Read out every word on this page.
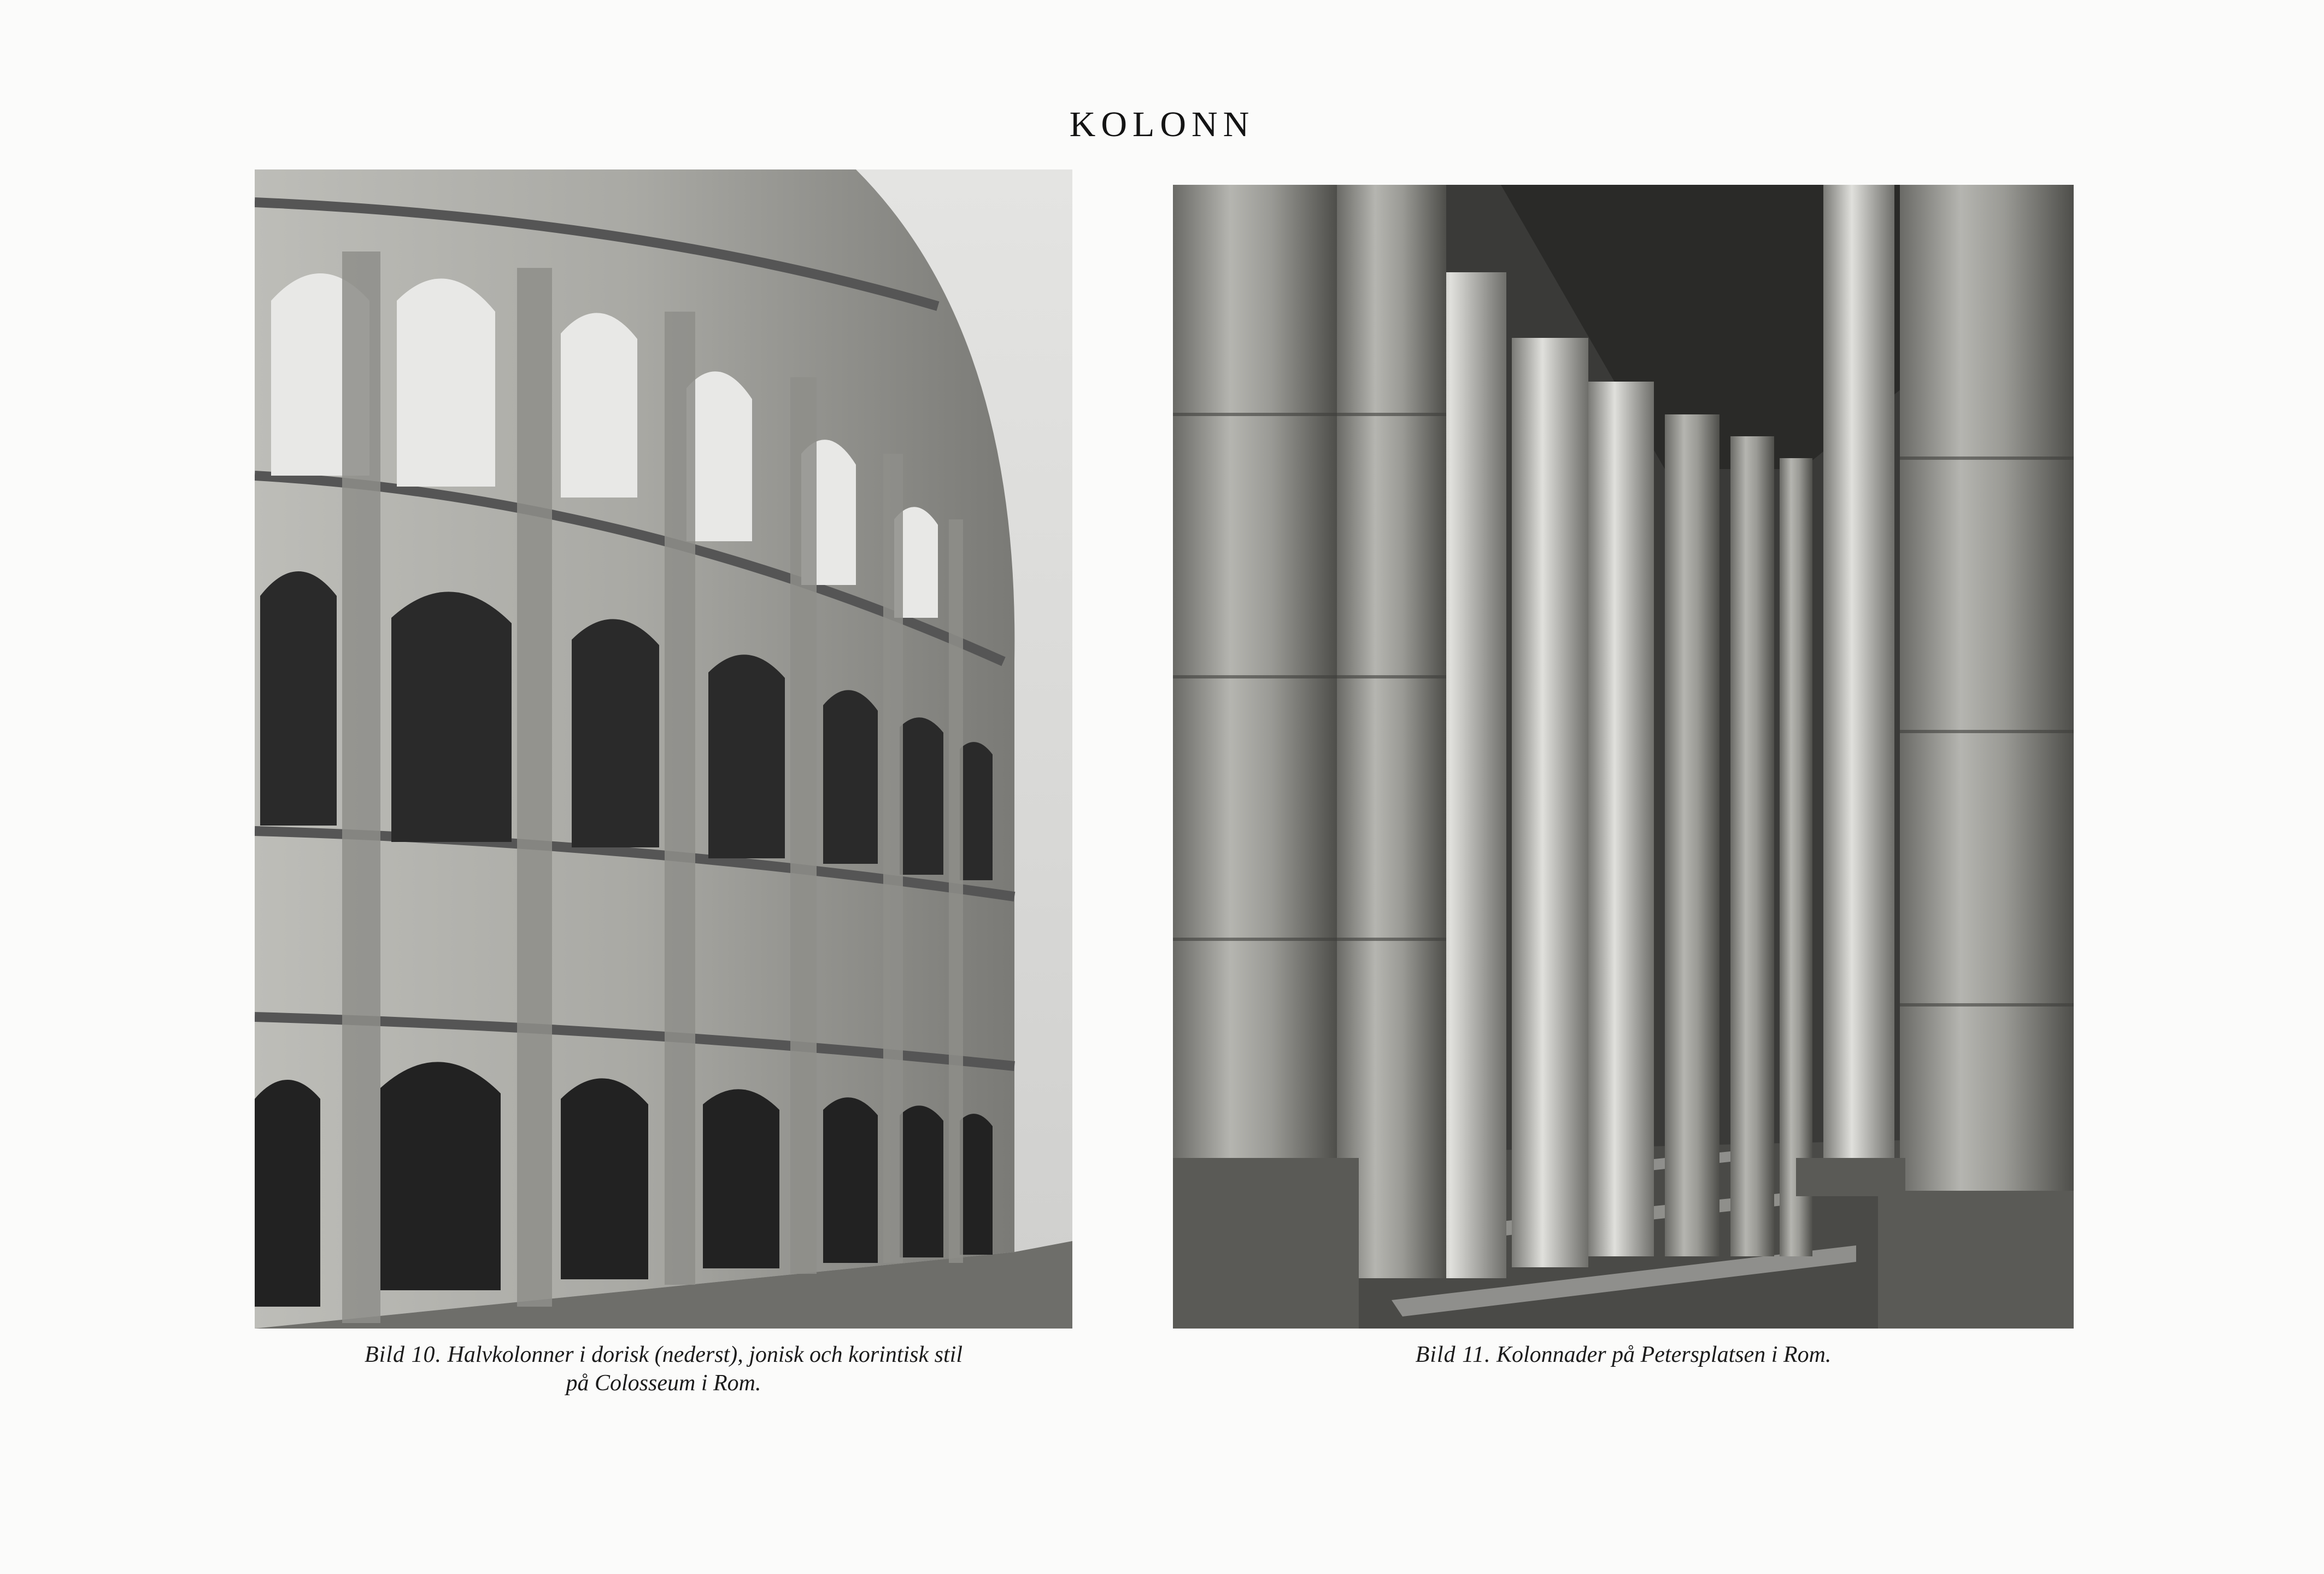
KOLONN
Bild 10. Halvkolonner i dorisk (nederst), jonisk och korintisk stil
på Colosseum i Rom.
Bild 11. Kolonnader på Petersplatsen i Rom.
